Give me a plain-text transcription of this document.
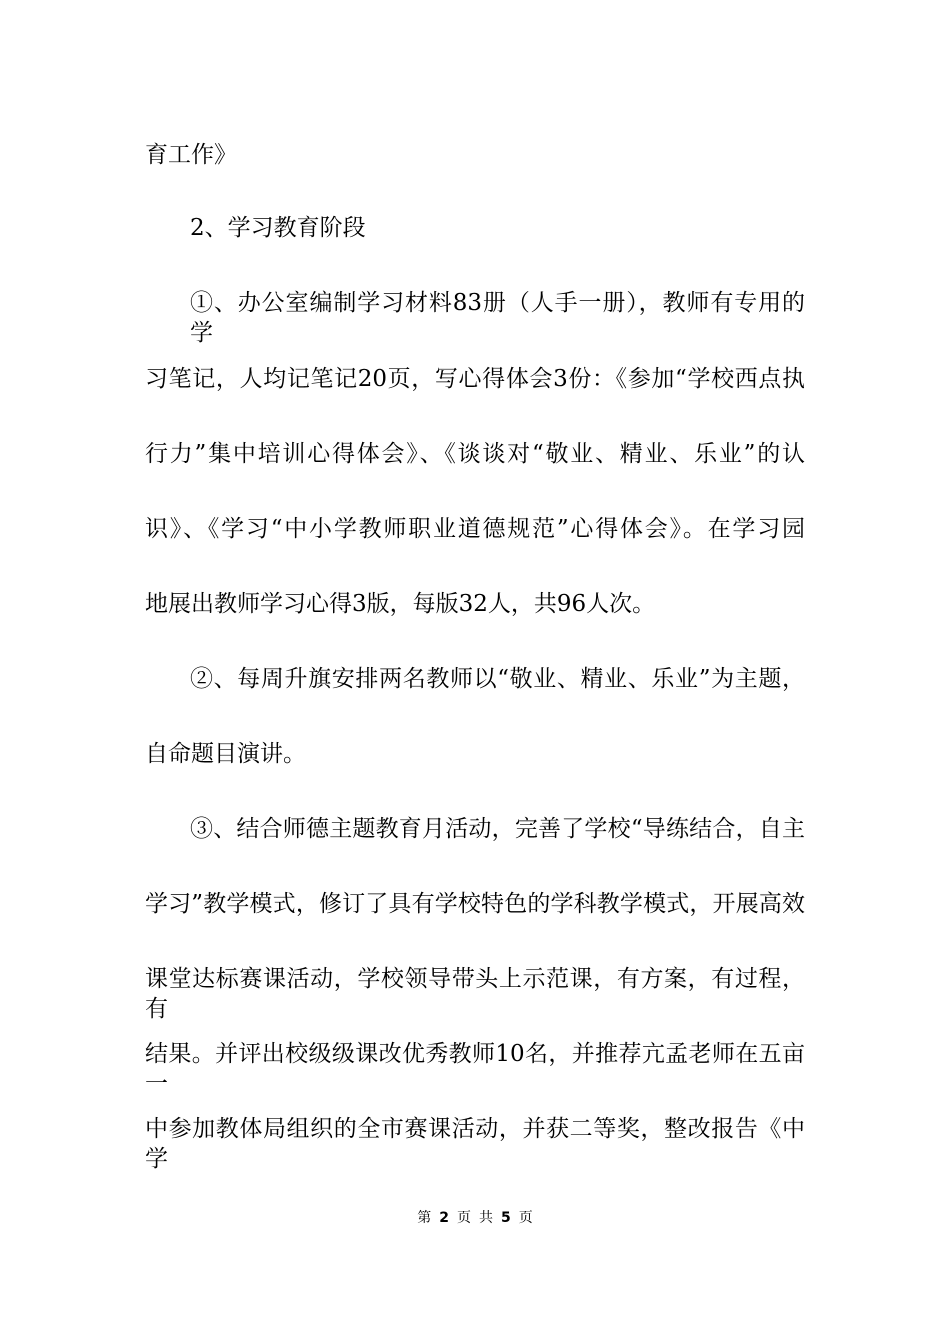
育工作》

2、学习教育阶段

①、办公室编制学习材料83册（人手一册），教师有专用的学

习笔记，人均记笔记20页，写心得体会3份：《参加“学校西点执

行力”集中培训心得体会》、《谈谈对“敬业、精业、乐业”的认

识》、《学习“中小学教师职业道德规范”心得体会》。在学习园

地展出教师学习心得3版，每版32人，共96人次。

②、每周升旗安排两名教师以“敬业、精业、乐业”为主题，

自命题目演讲。

③、结合师德主题教育月活动，完善了学校“导练结合，自主

学习”教学模式，修订了具有学校特色的学科教学模式，开展高效

课堂达标赛课活动，学校领导带头上示范课，有方案，有过程，有

结果。并评出校级级课改优秀教师10名，并推荐亢孟老师在五亩一

中参加教体局组织的全市赛课活动，并获二等奖，整改报告《中学

第 2 页 共 5 页
